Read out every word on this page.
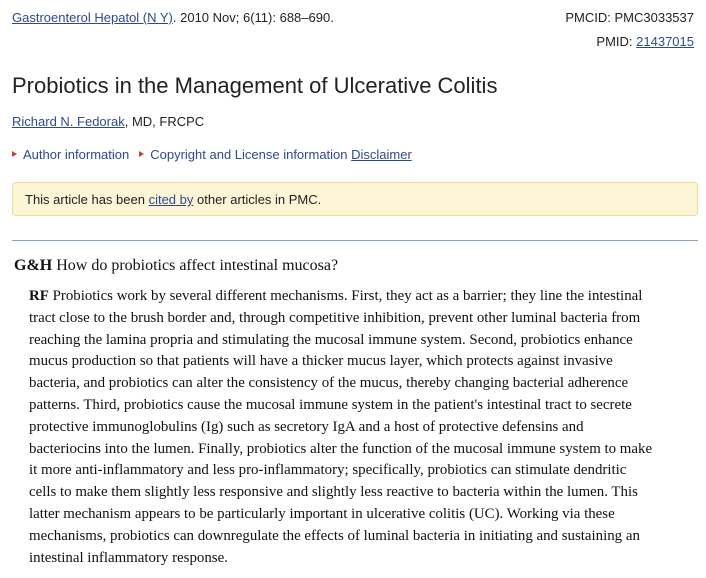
Gastroenterol Hepatol (N Y). 2010 Nov; 6(11): 688–690.	PMCID: PMC3033537
PMID: 21437015
Probiotics in the Management of Ulcerative Colitis
Richard N. Fedorak, MD, FRCPC
Author information Copyright and License information Disclaimer
This article has been cited by other articles in PMC.
G&H How do probiotics affect intestinal mucosa?
RF Probiotics work by several different mechanisms. First, they act as a barrier; they line the intestinal
tract close to the brush border and, through competitive inhibition, prevent other luminal bacteria from
reaching the lamina propria and stimulating the mucosal immune system. Second, probiotics enhance
mucus production so that patients will have a thicker mucus layer, which protects against invasive
bacteria, and probiotics can alter the consistency of the mucus, thereby changing bacterial adherence
patterns. Third, probiotics cause the mucosal immune system in the patient's intestinal tract to secrete
protective immunoglobulins (Ig) such as secretory IgA and a host of protective defensins and
bacteriocins into the lumen. Finally, probiotics alter the function of the mucosal immune system to make
it more anti-inflammatory and less pro-inflammatory; specifically, probiotics can stimulate dendritic
cells to make them slightly less responsive and slightly less reactive to bacteria within the lumen. This
latter mechanism appears to be particularly important in ulcerative colitis (UC). Working via these
mechanisms, probiotics can downregulate the effects of luminal bacteria in initiating and sustaining an
intestinal inflammatory response.
